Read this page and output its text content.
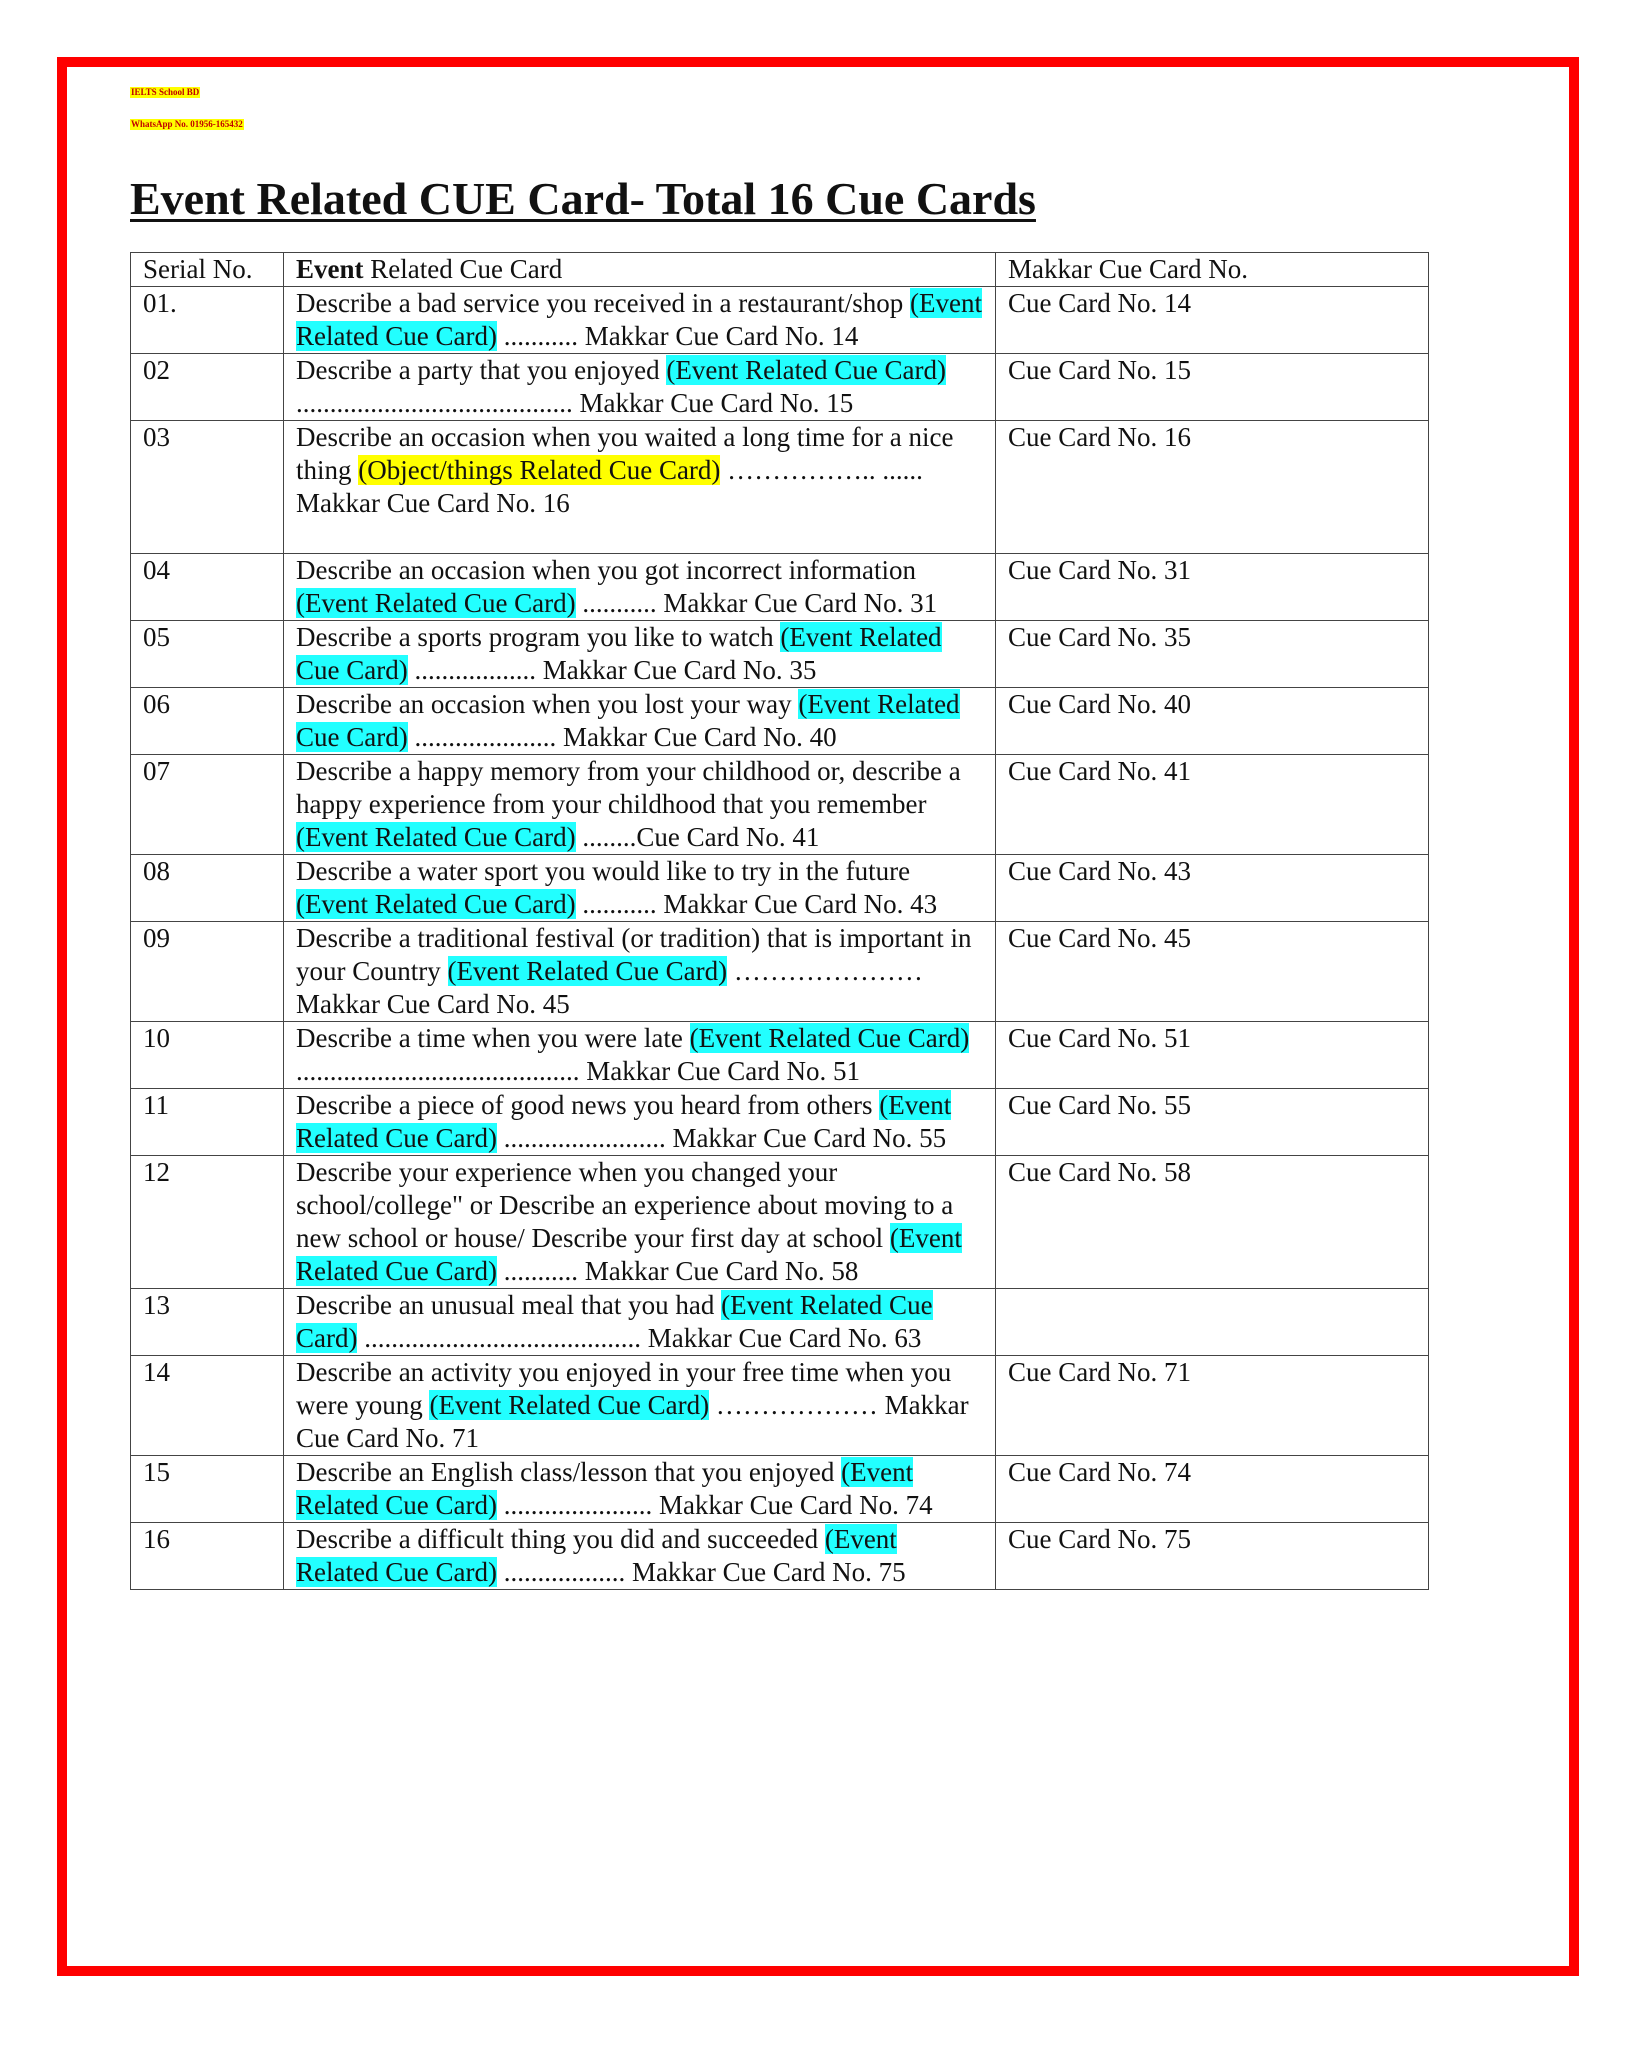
IELTS School BD
WhatsApp No. 01956-165432
Event Related CUE Card- Total 16 Cue Cards
Serial No.	Event Related Cue Card	Makkar Cue Card No.
01.	Describe a bad service you received in a restaurant/shop (Event Related Cue Card) ........... Makkar Cue Card No. 14	Cue Card No. 14
02	Describe a party that you enjoyed (Event Related Cue Card) ......................................... Makkar Cue Card No. 15	Cue Card No. 15
03	Describe an occasion when you waited a long time for a nice thing (Object/things Related Cue Card) …………….. ...... Makkar Cue Card No. 16	Cue Card No. 16
04	Describe an occasion when you got incorrect information (Event Related Cue Card) ........... Makkar Cue Card No. 31	Cue Card No. 31
05	Describe a sports program you like to watch (Event Related Cue Card) .................. Makkar Cue Card No. 35	Cue Card No. 35
06	Describe an occasion when you lost your way (Event Related Cue Card) ..................... Makkar Cue Card No. 40	Cue Card No. 40
07	Describe a happy memory from your childhood or, describe a happy experience from your childhood that you remember (Event Related Cue Card) ........Cue Card No. 41	Cue Card No. 41
08	Describe a water sport you would like to try in the future (Event Related Cue Card) ........... Makkar Cue Card No. 43	Cue Card No. 43
09	Describe a traditional festival (or tradition) that is important in your Country (Event Related Cue Card) …………………Makkar Cue Card No. 45	Cue Card No. 45
10	Describe a time when you were late (Event Related Cue Card) .......................................... Makkar Cue Card No. 51	Cue Card No. 51
11	Describe a piece of good news you heard from others (Event Related Cue Card) ........................ Makkar Cue Card No. 55	Cue Card No. 55
12	Describe your experience when you changed your school/college" or Describe an experience about moving to a new school or house/ Describe your first day at school (Event Related Cue Card) ........... Makkar Cue Card No. 58	Cue Card No. 58
13	Describe an unusual meal that you had (Event Related Cue Card) ......................................... Makkar Cue Card No. 63	
14	Describe an activity you enjoyed in your free time when you were young (Event Related Cue Card) ……………… Makkar Cue Card No. 71	Cue Card No. 71
15	Describe an English class/lesson that you enjoyed (Event Related Cue Card) ...................... Makkar Cue Card No. 74	Cue Card No. 74
16	Describe a difficult thing you did and succeeded (Event Related Cue Card) .................. Makkar Cue Card No. 75	Cue Card No. 75
